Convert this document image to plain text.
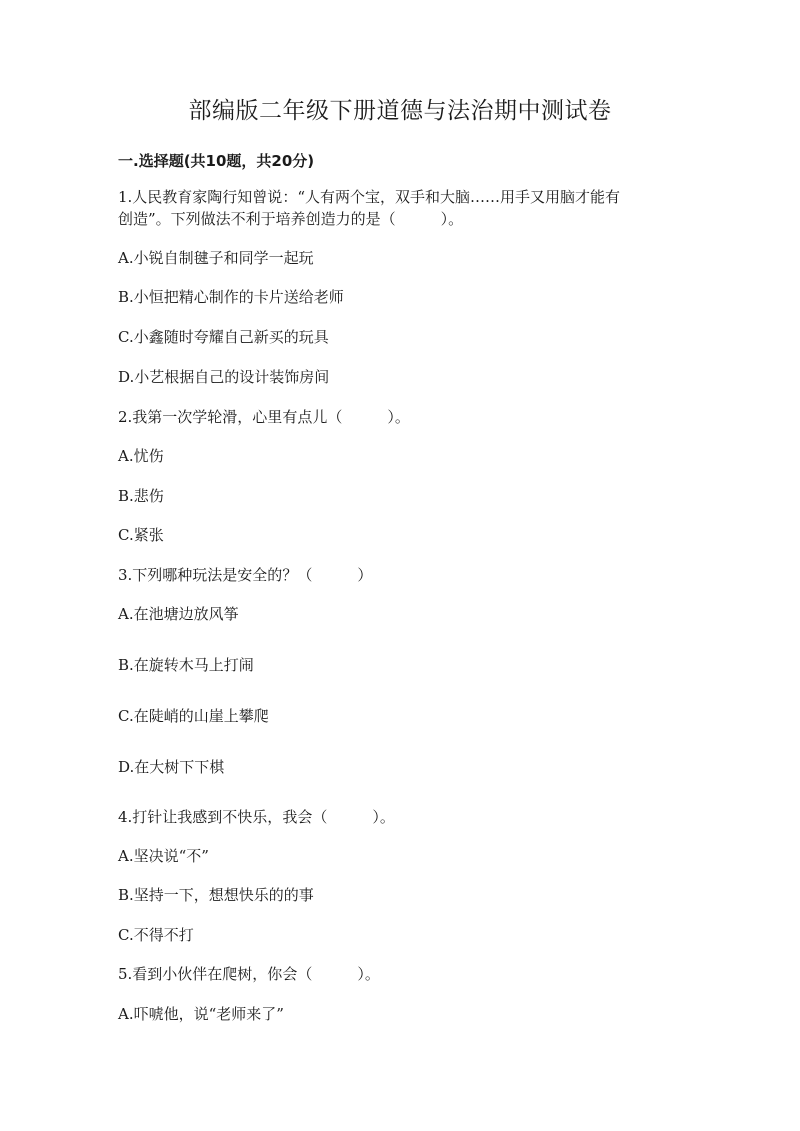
部编版二年级下册道德与法治期中测试卷
一.选择题(共10题，共20分)
1.人民教育家陶行知曾说：“人有两个宝，双手和大脑……用手又用脑才能有
创造”。下列做法不利于培养创造力的是（　　　）。
A.小锐自制毽子和同学一起玩
B.小恒把精心制作的卡片送给老师
C.小鑫随时夸耀自己新买的玩具
D.小艺根据自己的设计装饰房间
2.我第一次学轮滑，心里有点儿（　　　）。
A.忧伤
B.悲伤
C.紧张
3.下列哪种玩法是安全的？（　　　）
A.在池塘边放风筝
B.在旋转木马上打闹
C.在陡峭的山崖上攀爬
D.在大树下下棋
4.打针让我感到不快乐，我会（　　　）。
A.坚决说“不”
B.坚持一下，想想快乐的的事
C.不得不打
5.看到小伙伴在爬树，你会（　　　）。
A.吓唬他，说“老师来了”
